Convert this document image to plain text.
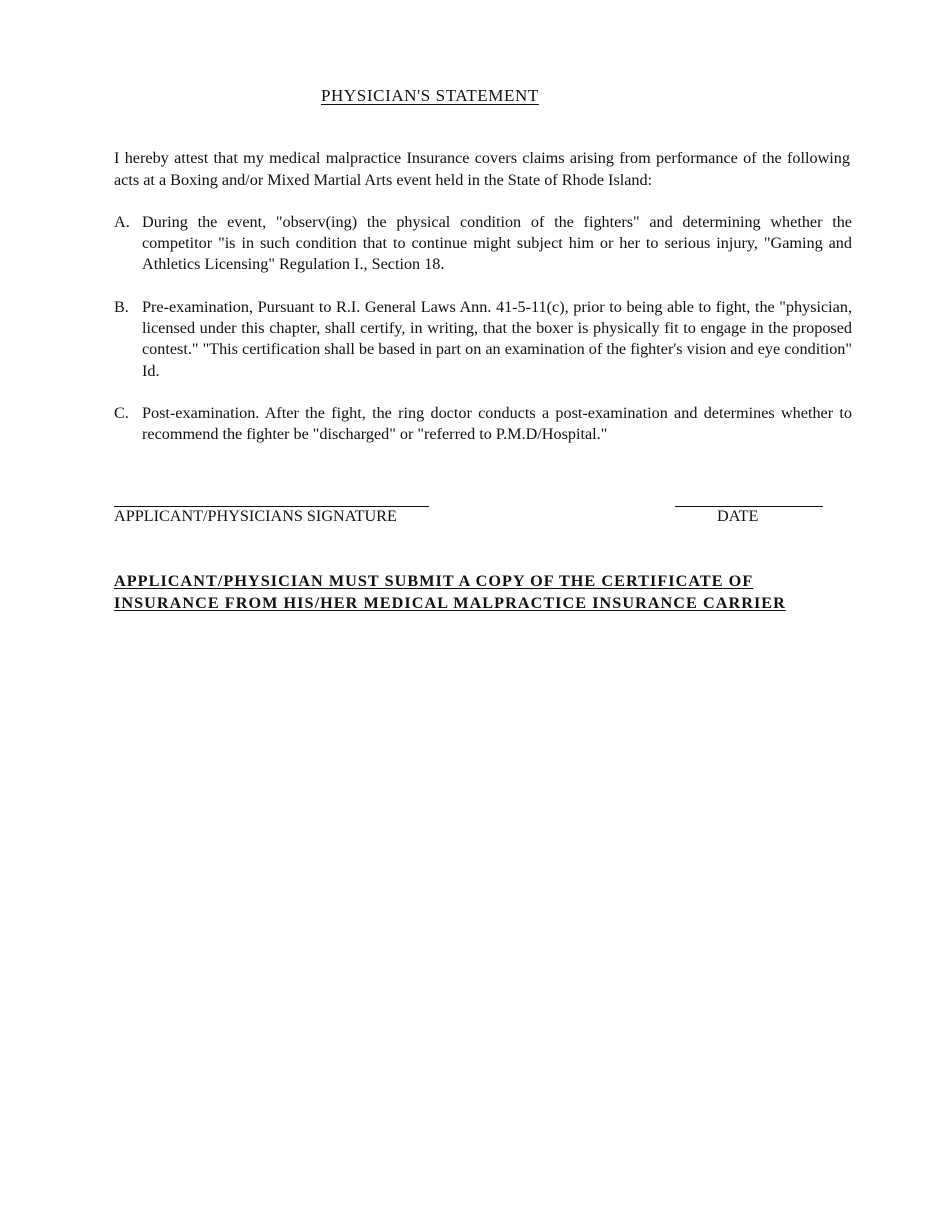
PHYSICIAN'S STATEMENT
I hereby attest that my medical malpractice Insurance covers claims arising from performance of the following acts at a Boxing and/or Mixed Martial Arts event held in the State of Rhode Island:
A. During the event, "observ(ing) the physical condition of the fighters" and determining whether the competitor "is in such condition that to continue might subject him or her to serious injury, "Gaming and Athletics Licensing" Regulation I., Section 18.
B. Pre-examination, Pursuant to R.I. General Laws Ann. 41-5-11(c), prior to being able to fight, the "physician, licensed under this chapter, shall certify, in writing, that the boxer is physically fit to engage in the proposed contest." "This certification shall be based in part on an examination of the fighter's vision and eye condition" Id.
C. Post-examination. After the fight, the ring doctor conducts a post-examination and determines whether to recommend the fighter be "discharged" or "referred to P.M.D/Hospital."
APPLICANT/PHYSICIANS SIGNATURE	DATE
APPLICANT/PHYSICIAN MUST SUBMIT A COPY OF THE CERTIFICATE OF
INSURANCE FROM HIS/HER MEDICAL MALPRACTICE INSURANCE CARRIER
